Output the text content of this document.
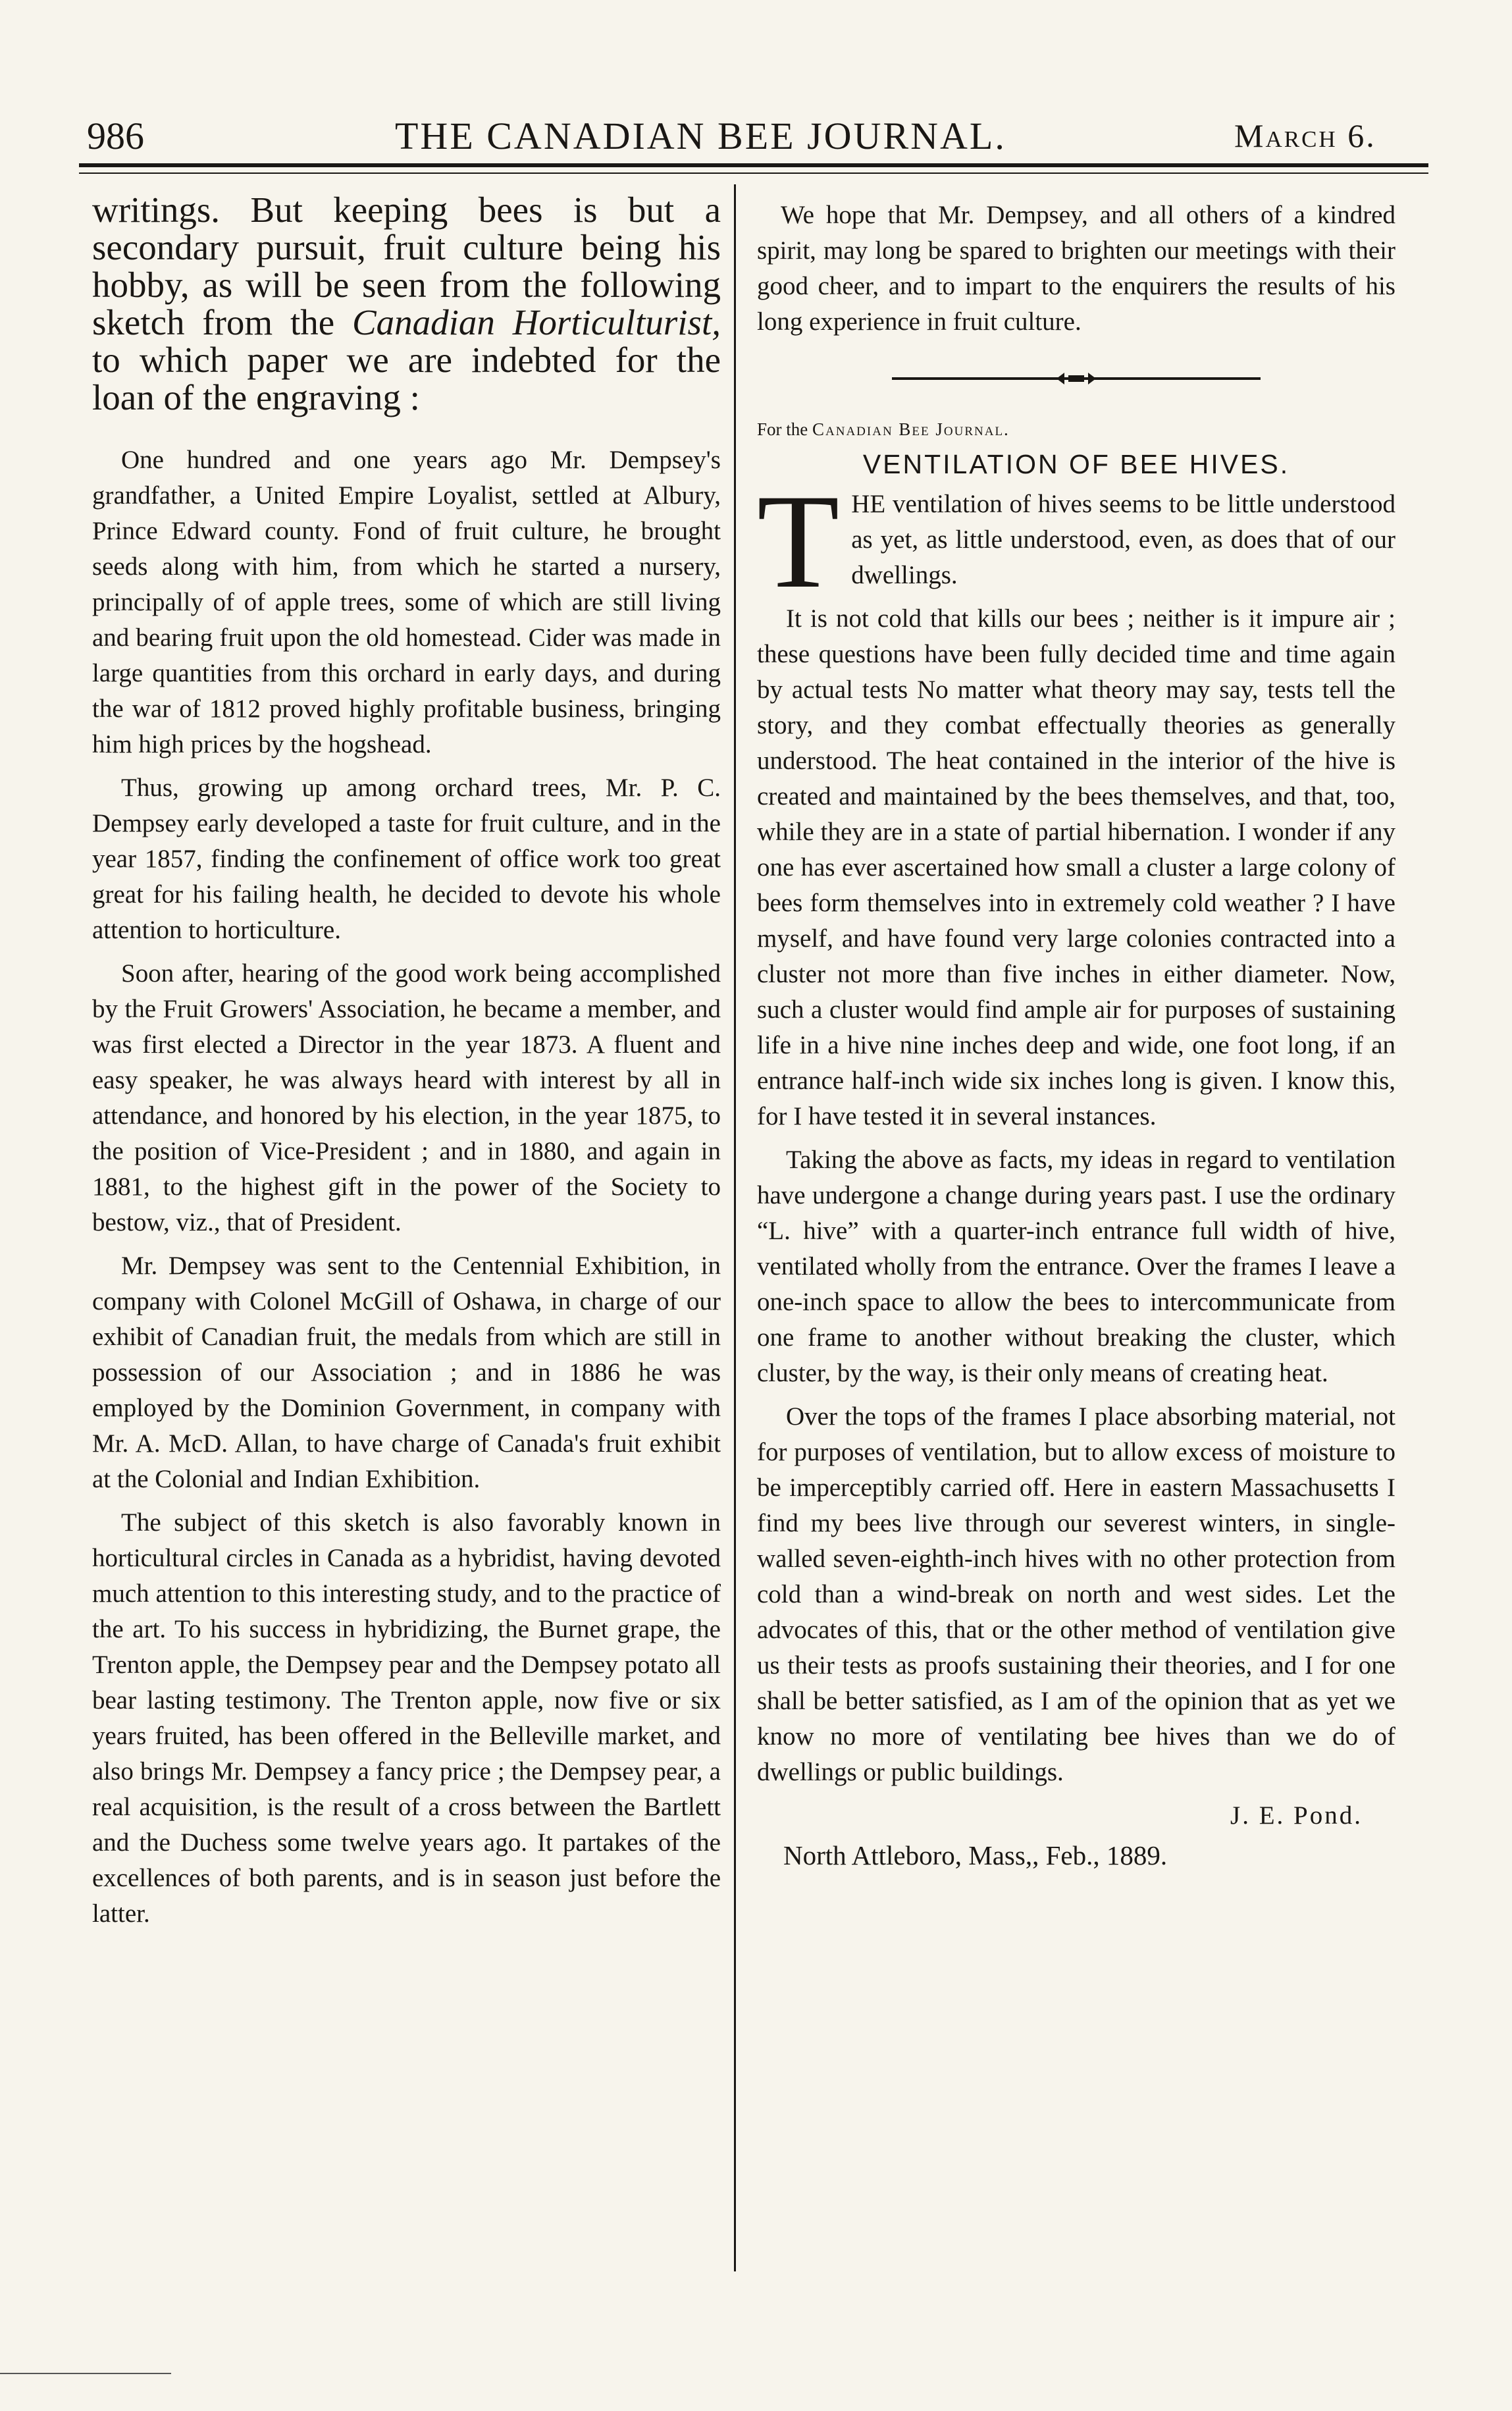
986	THE CANADIAN BEE JOURNAL.	March 6.

writings. But keeping bees is but a secondary pursuit, fruit culture being his hobby, as will be seen from the following sketch from the Canadian Horticulturist, to which paper we are indebted for the loan of the engraving :

One hundred and one years ago Mr. Dempsey's grandfather, a United Empire Loyalist, settled at Albury, Prince Edward county. Fond of fruit culture, he brought seeds along with him, from which he started a nursery, principally of of apple trees, some of which are still living and bearing fruit upon the old homestead. Cider was made in large quantities from this orchard in early days, and during the war of 1812 proved highly profitable business, bringing him high prices by the hogshead.

Thus, growing up among orchard trees, Mr. P. C. Dempsey early developed a taste for fruit culture, and in the year 1857, finding the confinement of office work too great great for his failing health, he decided to devote his whole attention to horticulture.

Soon after, hearing of the good work being accomplished by the Fruit Growers' Association, he became a member, and was first elected a Director in the year 1873. A fluent and easy speaker, he was always heard with interest by all in attendance, and honored by his election, in the year 1875, to the position of Vice-President ; and in 1880, and again in 1881, to the highest gift in the power of the Society to bestow, viz., that of President.

Mr. Dempsey was sent to the Centennial Exhibition, in company with Colonel McGill of Oshawa, in charge of our exhibit of Canadian fruit, the medals from which are still in possession of our Association ; and in 1886 he was employed by the Dominion Government, in company with Mr. A. McD. Allan, to have charge of Canada's fruit exhibit at the Colonial and Indian Exhibition.

The subject of this sketch is also favorably known in horticultural circles in Canada as a hybridist, having devoted much attention to this interesting study, and to the practice of the art. To his success in hybridizing, the Burnet grape, the Trenton apple, the Dempsey pear and the Dempsey potato all bear lasting testimony. The Trenton apple, now five or six years fruited, has been offered in the Belleville market, and also brings Mr. Dempsey a fancy price ; the Dempsey pear, a real acquisition, is the result of a cross between the Bartlett and the Duchess some twelve years ago. It partakes of the excellences of both parents, and is in season just before the latter.

We hope that Mr. Dempsey, and all others of a kindred spirit, may long be spared to brighten our meetings with their good cheer, and to impart to the enquirers the results of his long experience in fruit culture.

For the Canadian Bee Journal.

VENTILATION OF BEE HIVES.
T HE ventilation of hives seems to be little understood as yet, as little understood, even, as does that of our dwellings.

It is not cold that kills our bees ; neither is it impure air ; these questions have been fully decided time and time again by actual tests No matter what theory may say, tests tell the story, and they combat effectually theories as generally understood. The heat contained in the interior of the hive is created and maintained by the bees themselves, and that, too, while they are in a state of partial hibernation. I wonder if any one has ever ascertained how small a cluster a large colony of bees form themselves into in extremely cold weather ? I have myself, and have found very large colonies contracted into a cluster not more than five inches in either diameter. Now, such a cluster would find ample air for purposes of sustaining life in a hive nine inches deep and wide, one foot long, if an entrance half-inch wide six inches long is given. I know this, for I have tested it in several instances.

Taking the above as facts, my ideas in regard to ventilation have undergone a change during years past. I use the ordinary “L. hive” with a quarter-inch entrance full width of hive, ventilated wholly from the entrance. Over the frames I leave a one-inch space to allow the bees to intercommunicate from one frame to another without breaking the cluster, which cluster, by the way, is their only means of creating heat.

Over the tops of the frames I place absorbing material, not for purposes of ventilation, but to allow excess of moisture to be imperceptibly carried off. Here in eastern Massachusetts I find my bees live through our severest winters, in single-walled seven-eighth-inch hives with no other protection from cold than a wind-break on north and west sides. Let the advocates of this, that or the other method of ventilation give us their tests as proofs sustaining their theories, and I for one shall be better satisfied, as I am of the opinion that as yet we know no more of ventilating bee hives than we do of dwellings or public buildings.

J. E. Pond.
North Attleboro, Mass,, Feb., 1889.
